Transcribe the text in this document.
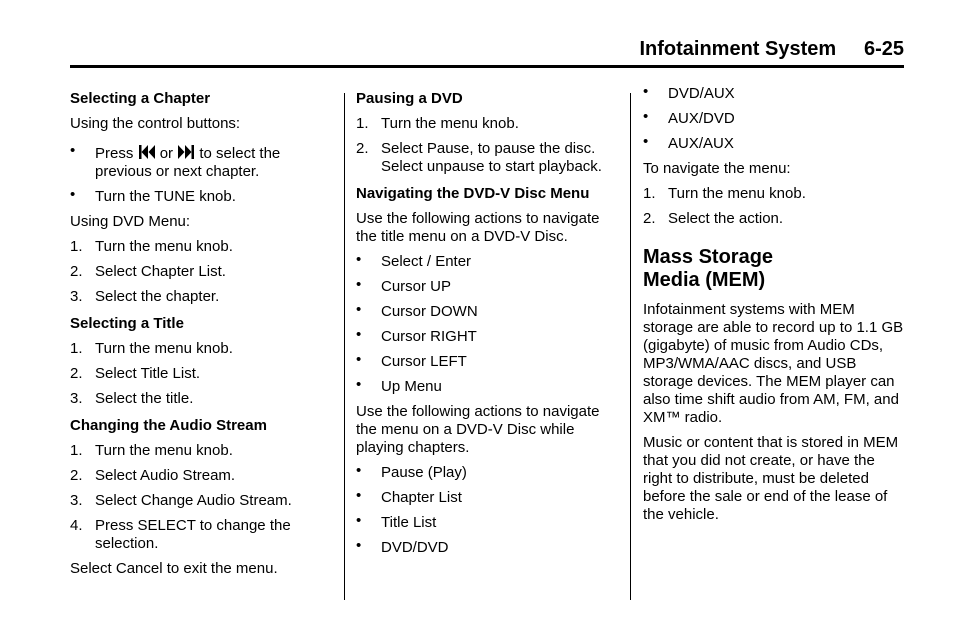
Infotainment System 6-25
Selecting a Chapter
Using the control buttons:
• Press or to select the previous or next chapter.
• Turn the TUNE knob.
Using DVD Menu:
1. Turn the menu knob.
2. Select Chapter List.
3. Select the chapter.
Selecting a Title
1. Turn the menu knob.
2. Select Title List.
3. Select the title.
Changing the Audio Stream
1. Turn the menu knob.
2. Select Audio Stream.
3. Select Change Audio Stream.
4. Press SELECT to change the selection.
Select Cancel to exit the menu.
Pausing a DVD
1. Turn the menu knob.
2. Select Pause, to pause the disc. Select unpause to start playback.
Navigating the DVD-V Disc Menu
Use the following actions to navigate the title menu on a DVD-V Disc.
• Select / Enter
• Cursor UP
• Cursor DOWN
• Cursor RIGHT
• Cursor LEFT
• Up Menu
Use the following actions to navigate the menu on a DVD-V Disc while playing chapters.
• Pause (Play)
• Chapter List
• Title List
• DVD/DVD
• DVD/AUX
• AUX/DVD
• AUX/AUX
To navigate the menu:
1. Turn the menu knob.
2. Select the action.
Mass Storage Media (MEM)
Infotainment systems with MEM storage are able to record up to 1.1 GB (gigabyte) of music from Audio CDs, MP3/WMA/AAC discs, and USB storage devices. The MEM player can also time shift audio from AM, FM, and XM™ radio.
Music or content that is stored in MEM that you did not create, or have the right to distribute, must be deleted before the sale or end of the lease of the vehicle.
